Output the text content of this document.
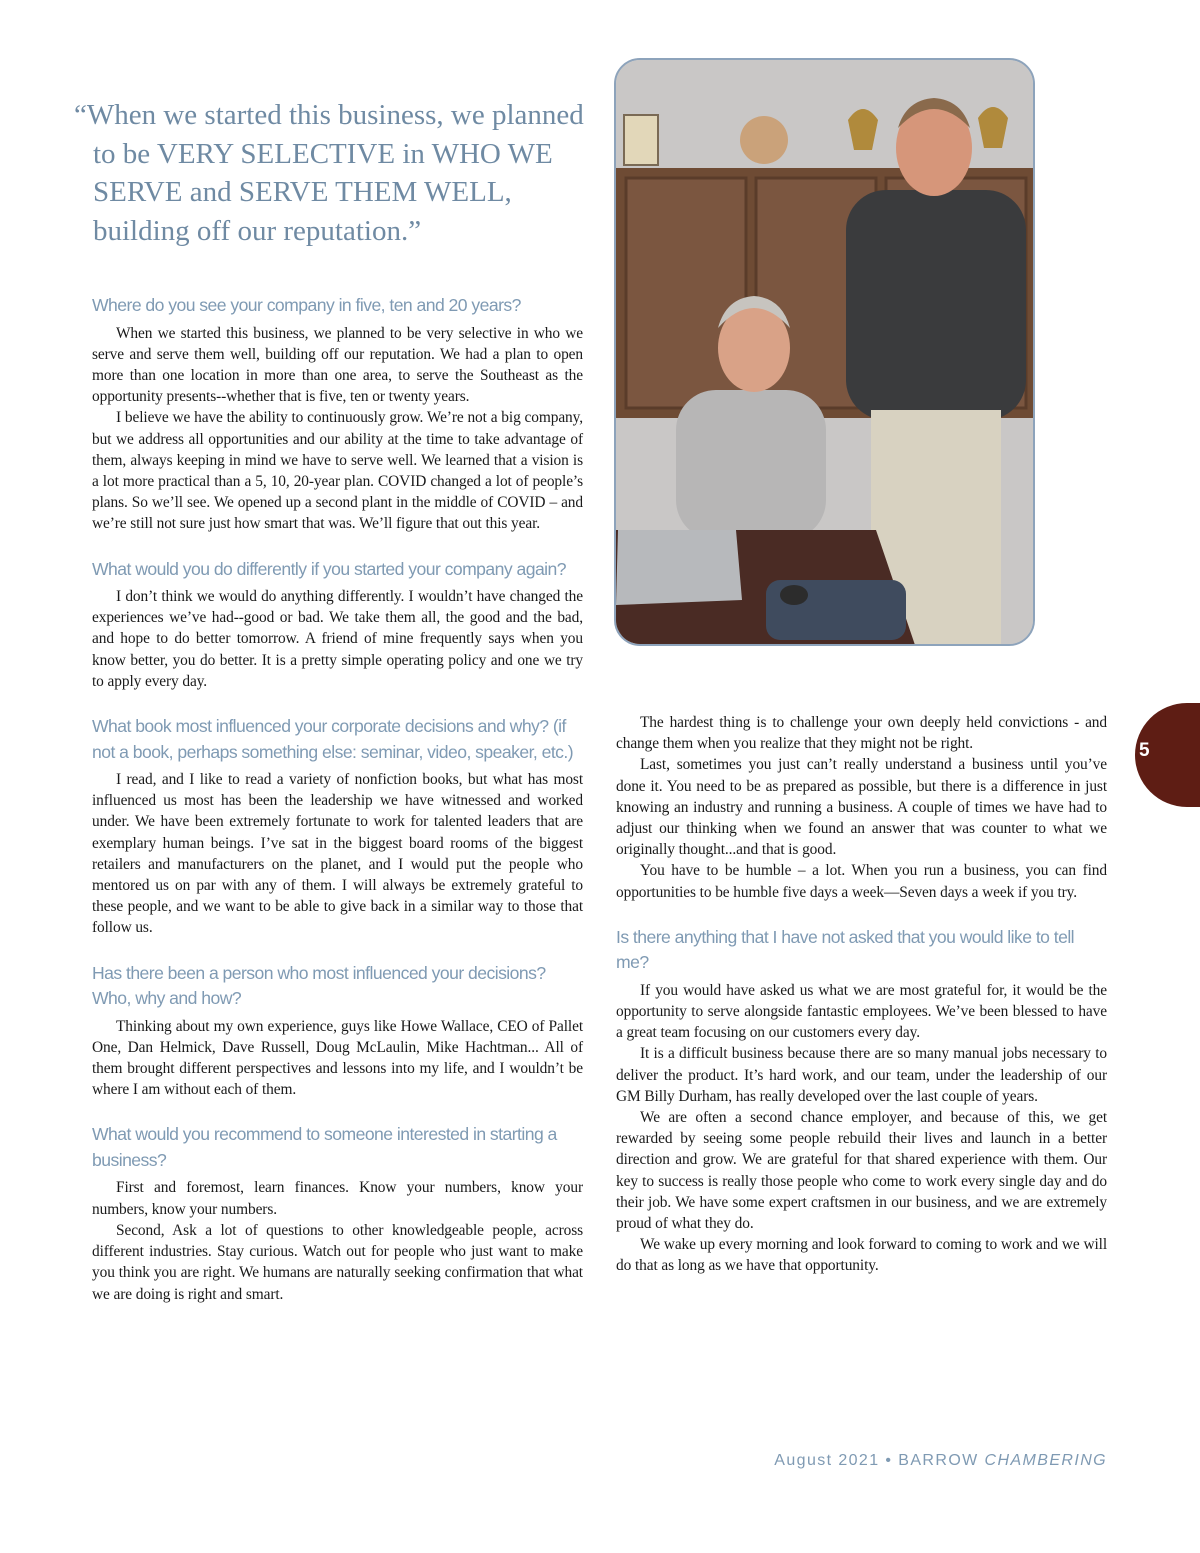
“When we started this business, we planned to be VERY SELECTIVE in WHO WE SERVE and SERVE THEM WELL, building off our reputation.”
Where do you see your company in five, ten and 20 years?

When we started this business, we planned to be very selective in who we serve and serve them well, building off our reputation. We had a plan to open more than one location in more than one area, to serve the Southeast as the opportunity presents--whether that is five, ten or twenty years.

I believe we have the ability to continuously grow. We’re not a big company, but we address all opportunities and our ability at the time to take advantage of them, always keeping in mind we have to serve well. We learned that a vision is a lot more practical than a 5, 10, 20-year plan. COVID changed a lot of people’s plans. So we’ll see. We opened up a second plant in the middle of COVID – and we’re still not sure just how smart that was. We’ll figure that out this year.

What would you do differently if you started your company again?

I don’t think we would do anything differently. I wouldn’t have changed the experiences we’ve had--good or bad. We take them all, the good and the bad, and hope to do better tomorrow. A friend of mine frequently says when you know better, you do better. It is a pretty simple operating policy and one we try to apply every day.

What book most influenced your corporate decisions and why? (if not a book, perhaps something else: seminar, video, speaker, etc.)

I read, and I like to read a variety of nonfiction books, but what has most influenced us most has been the leadership we have witnessed and worked under. We have been extremely fortunate to work for talented leaders that are exemplary human beings. I’ve sat in the biggest board rooms of the biggest retailers and manufacturers on the planet, and I would put the people who mentored us on par with any of them. I will always be extremely grateful to these people, and we want to be able to give back in a similar way to those that follow us.

Has there been a person who most influenced your decisions? Who, why and how?

Thinking about my own experience, guys like Howe Wallace, CEO of Pallet One, Dan Helmick, Dave Russell, Doug McLaulin, Mike Hachtman... All of them brought different perspectives and lessons into my life, and I wouldn’t be where I am without each of them.

What would you recommend to someone interested in starting a business?

First and foremost, learn finances. Know your numbers, know your numbers, know your numbers.

Second, Ask a lot of questions to other knowledgeable people, across different industries. Stay curious. Watch out for people who just want to make you think you are right. We humans are naturally seeking confirmation that what we are doing is right and smart.

The hardest thing is to challenge your own deeply held convictions - and change them when you realize that they might not be right.

Last, sometimes you just can’t really understand a business until you’ve done it. You need to be as prepared as possible, but there is a difference in just knowing an industry and running a business. A couple of times we have had to adjust our thinking when we found an answer that was counter to what we originally thought...and that is good.

You have to be humble – a lot. When you run a business, you can find opportunities to be humble five days a week—Seven days a week if you try.

Is there anything that I have not asked that you would like to tell me?

If you would have asked us what we are most grateful for, it would be the opportunity to serve alongside fantastic employees. We’ve been blessed to have a great team focusing on our customers every day.

It is a difficult business because there are so many manual jobs necessary to deliver the product. It’s hard work, and our team, under the leadership of our GM Billy Durham, has really developed over the last couple of years.

We are often a second chance employer, and because of this, we get rewarded by seeing some people rebuild their lives and launch in a better direction and grow. We are grateful for that shared experience with them. Our key to success is really those people who come to work every single day and do their job. We have some expert craftsmen in our business, and we are extremely proud of what they do.

We wake up every morning and look forward to coming to work and we will do that as long as we have that opportunity.

5
August 2021 • BARROW CHAMBERING
